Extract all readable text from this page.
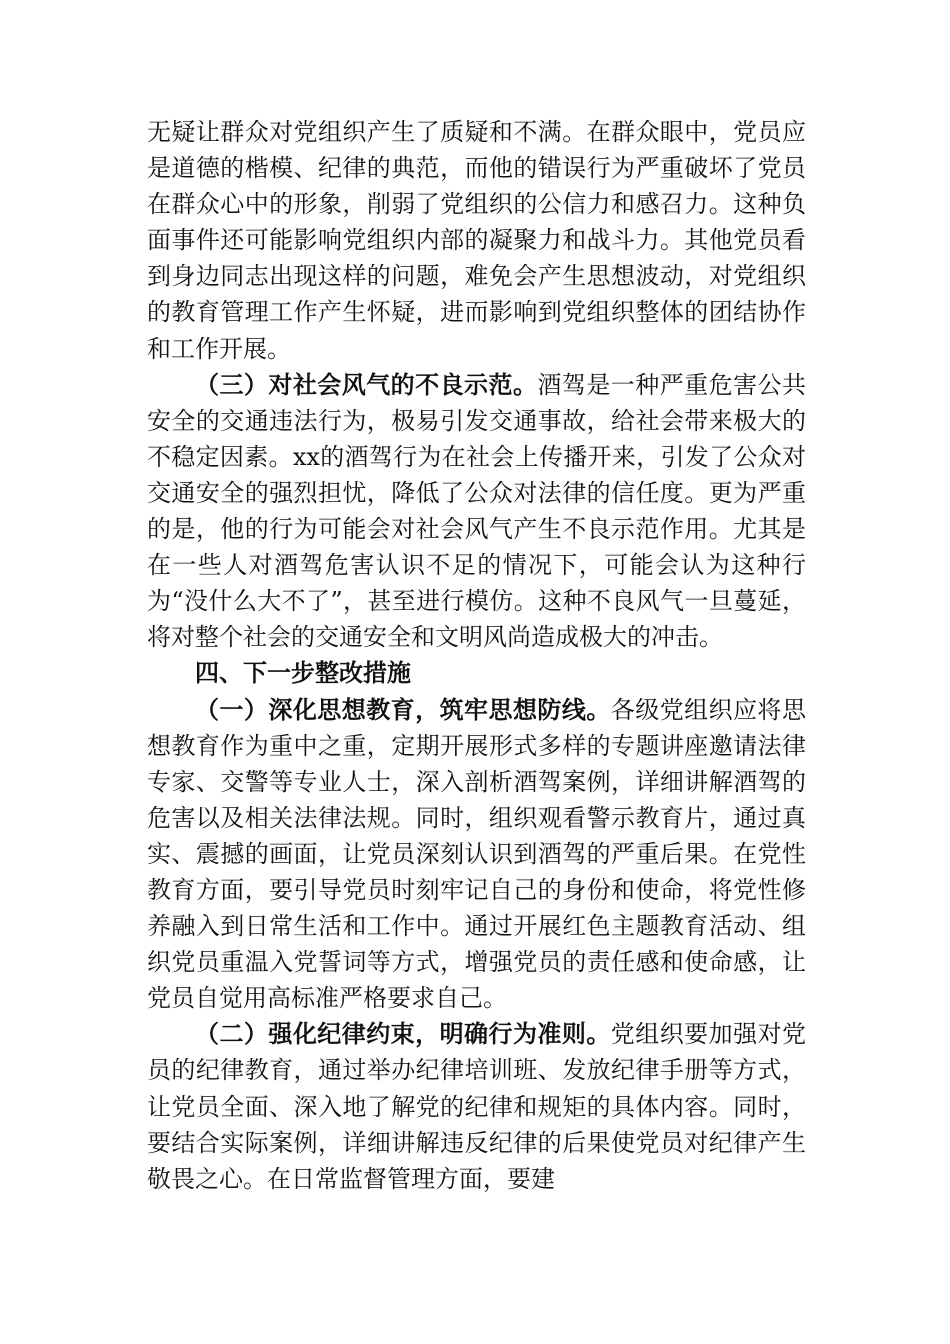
无疑让群众对党组织产生了质疑和不满。在群众眼中，党员应是道德的楷模、纪律的典范，而他的错误行为严重破坏了党员在群众心中的形象，削弱了党组织的公信力和感召力。这种负面事件还可能影响党组织内部的凝聚力和战斗力。其他党员看到身边同志出现这样的问题，难免会产生思想波动，对党组织的教育管理工作产生怀疑，进而影响到党组织整体的团结协作和工作开展。

（三）对社会风气的不良示范。酒驾是一种严重危害公共安全的交通违法行为，极易引发交通事故，给社会带来极大的不稳定因素。xx的酒驾行为在社会上传播开来，引发了公众对交通安全的强烈担忧，降低了公众对法律的信任度。更为严重的是，他的行为可能会对社会风气产生不良示范作用。尤其是在一些人对酒驾危害认识不足的情况下，可能会认为这种行为“没什么大不了”，甚至进行模仿。这种不良风气一旦蔓延，将对整个社会的交通安全和文明风尚造成极大的冲击。

四、下一步整改措施

（一）深化思想教育，筑牢思想防线。各级党组织应将思想教育作为重中之重，定期开展形式多样的专题讲座邀请法律专家、交警等专业人士，深入剖析酒驾案例，详细讲解酒驾的危害以及相关法律法规。同时，组织观看警示教育片，通过真实、震撼的画面，让党员深刻认识到酒驾的严重后果。在党性教育方面，要引导党员时刻牢记自己的身份和使命，将党性修养融入到日常生活和工作中。通过开展红色主题教育活动、组织党员重温入党誓词等方式，增强党员的责任感和使命感，让党员自觉用高标准严格要求自己。

（二）强化纪律约束，明确行为准则。党组织要加强对党员的纪律教育，通过举办纪律培训班、发放纪律手册等方式，让党员全面、深入地了解党的纪律和规矩的具体内容。同时，要结合实际案例，详细讲解违反纪律的后果使党员对纪律产生敬畏之心。在日常监督管理方面，要建
